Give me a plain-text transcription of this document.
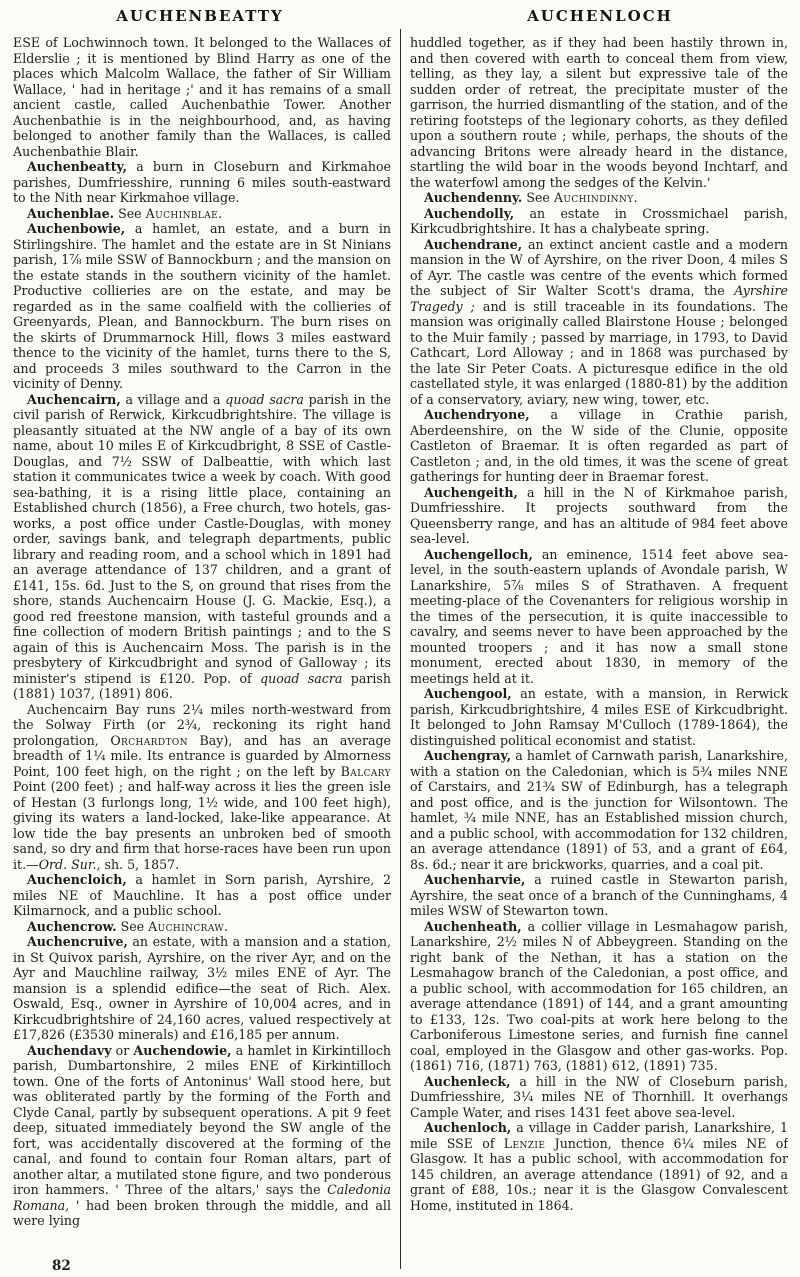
AUCHENBEATTY	AUCHENLOCH

ESE of Lochwinnoch town. It belonged to the Wallaces of Elderslie ; it is mentioned by Blind Harry as one of the places which Malcolm Wallace, the father of Sir William Wallace, ' had in heritage ;' and it has remains of a small ancient castle, called Auchenbathie Tower. Another Auchenbathie is in the neighbourhood, and, as having belonged to another family than the Wallaces, is called Auchenbathie Blair.

Auchenbeatty, a burn in Closeburn and Kirkmahoe parishes, Dumfriesshire, running 6 miles south-eastward to the Nith near Kirkmahoe village.

Auchenblae. See Auchinblae.

Auchenbowie, a hamlet, an estate, and a burn in Stirlingshire. The hamlet and the estate are in St Ninians parish, 1⅞ mile SSW of Bannockburn ; and the mansion on the estate stands in the southern vicinity of the hamlet. Productive collieries are on the estate, and may be regarded as in the same coalfield with the collieries of Greenyards, Plean, and Bannockburn. The burn rises on the skirts of Drummarnock Hill, flows 3 miles eastward thence to the vicinity of the hamlet, turns there to the S, and proceeds 3 miles southward to the Carron in the vicinity of Denny.

Auchencairn, a village and a quoad sacra parish in the civil parish of Rerwick, Kirkcudbrightshire. The village is pleasantly situated at the NW angle of a bay of its own name, about 10 miles E of Kirkcudbright, 8 SSE of Castle-Douglas, and 7½ SSW of Dalbeattie, with which last station it communicates twice a week by coach. With good sea-bathing, it is a rising little place, containing an Established church (1856), a Free church, two hotels, gas-works, a post office under Castle-Douglas, with money order, savings bank, and telegraph departments, public library and reading room, and a school which in 1891 had an average attendance of 137 children, and a grant of £141, 15s. 6d. Just to the S, on ground that rises from the shore, stands Auchencairn House (J. G. Mackie, Esq.), a good red freestone mansion, with tasteful grounds and a fine collection of modern British paintings ; and to the S again of this is Auchencairn Moss. The parish is in the presbytery of Kirkcudbright and synod of Galloway ; its minister's stipend is £120. Pop. of quoad sacra parish (1881) 1037, (1891) 806.

Auchencairn Bay runs 2¼ miles north-westward from the Solway Firth (or 2¾, reckoning its right hand prolongation, Orchardton Bay), and has an average breadth of 1¼ mile. Its entrance is guarded by Almorness Point, 100 feet high, on the right ; on the left by Balcary Point (200 feet) ; and half-way across it lies the green isle of Hestan (3 furlongs long, 1½ wide, and 100 feet high), giving its waters a land-locked, lake-like appearance. At low tide the bay presents an unbroken bed of smooth sand, so dry and firm that horse-races have been run upon it.—Ord. Sur., sh. 5, 1857.

Auchencloich, a hamlet in Sorn parish, Ayrshire, 2 miles NE of Mauchline. It has a post office under Kilmarnock, and a public school.

Auchencrow. See Auchincraw.

Auchencruive, an estate, with a mansion and a station, in St Quivox parish, Ayrshire, on the river Ayr, and on the Ayr and Mauchline railway, 3½ miles ENE of Ayr. The mansion is a splendid edifice—the seat of Rich. Alex. Oswald, Esq., owner in Ayrshire of 10,004 acres, and in Kirkcudbrightshire of 24,160 acres, valued respectively at £17,826 (£3530 minerals) and £16,185 per annum.

Auchendavy or Auchendowie, a hamlet in Kirkintilloch parish, Dumbartonshire, 2 miles ENE of Kirkintilloch town. One of the forts of Antoninus' Wall stood here, but was obliterated partly by the forming of the Forth and Clyde Canal, partly by subsequent operations. A pit 9 feet deep, situated immediately beyond the SW angle of the fort, was accidentally discovered at the forming of the canal, and found to contain four Roman altars, part of another altar, a mutilated stone figure, and two ponderous iron hammers. ' Three of the altars,' says the Caledonia Romana, ' had been broken through the middle, and all were lying

huddled together, as if they had been hastily thrown in, and then covered with earth to conceal them from view, telling, as they lay, a silent but expressive tale of the sudden order of retreat, the precipitate muster of the garrison, the hurried dismantling of the station, and of the retiring footsteps of the legionary cohorts, as they defiled upon a southern route ; while, perhaps, the shouts of the advancing Britons were already heard in the distance, startling the wild boar in the woods beyond Inchtarf, and the waterfowl among the sedges of the Kelvin.'

Auchendenny. See Auchindinny.

Auchendolly, an estate in Crossmichael parish, Kirkcudbrightshire. It has a chalybeate spring.

Auchendrane, an extinct ancient castle and a modern mansion in the W of Ayrshire, on the river Doon, 4 miles S of Ayr. The castle was centre of the events which formed the subject of Sir Walter Scott's drama, the Ayrshire Tragedy ; and is still traceable in its foundations. The mansion was originally called Blairstone House ; belonged to the Muir family ; passed by marriage, in 1793, to David Cathcart, Lord Alloway ; and in 1868 was purchased by the late Sir Peter Coats. A picturesque edifice in the old castellated style, it was enlarged (1880-81) by the addition of a conservatory, aviary, new wing, tower, etc.

Auchendryone, a village in Crathie parish, Aberdeenshire, on the W side of the Clunie, opposite Castleton of Braemar. It is often regarded as part of Castleton ; and, in the old times, it was the scene of great gatherings for hunting deer in Braemar forest.

Auchengeith, a hill in the N of Kirkmahoe parish, Dumfriesshire. It projects southward from the Queensberry range, and has an altitude of 984 feet above sea-level.

Auchengelloch, an eminence, 1514 feet above sea-level, in the south-eastern uplands of Avondale parish, W Lanarkshire, 5⅞ miles S of Strathaven. A frequent meeting-place of the Covenanters for religious worship in the times of the persecution, it is quite inaccessible to cavalry, and seems never to have been approached by the mounted troopers ; and it has now a small stone monument, erected about 1830, in memory of the meetings held at it.

Auchengool, an estate, with a mansion, in Rerwick parish, Kirkcudbrightshire, 4 miles ESE of Kirkcudbright. It belonged to John Ramsay M'Culloch (1789-1864), the distinguished political economist and statist.

Auchengray, a hamlet of Carnwath parish, Lanarkshire, with a station on the Caledonian, which is 5¾ miles NNE of Carstairs, and 21¾ SW of Edinburgh, has a telegraph and post office, and is the junction for Wilsontown. The hamlet, ¾ mile NNE, has an Established mission church, and a public school, with accommodation for 132 children, an average attendance (1891) of 53, and a grant of £64, 8s. 6d.; near it are brickworks, quarries, and a coal pit.

Auchenharvie, a ruined castle in Stewarton parish, Ayrshire, the seat once of a branch of the Cunninghams, 4 miles WSW of Stewarton town.

Auchenheath, a collier village in Lesmahagow parish, Lanarkshire, 2½ miles N of Abbeygreen. Standing on the right bank of the Nethan, it has a station on the Lesmahagow branch of the Caledonian, a post office, and a public school, with accommodation for 165 children, an average attendance (1891) of 144, and a grant amounting to £133, 12s. Two coal-pits at work here belong to the Carboniferous Limestone series, and furnish fine cannel coal, employed in the Glasgow and other gas-works. Pop. (1861) 716, (1871) 763, (1881) 612, (1891) 735.

Auchenleck, a hill in the NW of Closeburn parish, Dumfriesshire, 3¼ miles NE of Thornhill. It overhangs Cample Water, and rises 1431 feet above sea-level.

Auchenloch, a village in Cadder parish, Lanarkshire, 1 mile SSE of Lenzie Junction, thence 6¼ miles NE of Glasgow. It has a public school, with accommodation for 145 children, an average attendance (1891) of 92, and a grant of £88, 10s.; near it is the Glasgow Convalescent Home, instituted in 1864.

82
